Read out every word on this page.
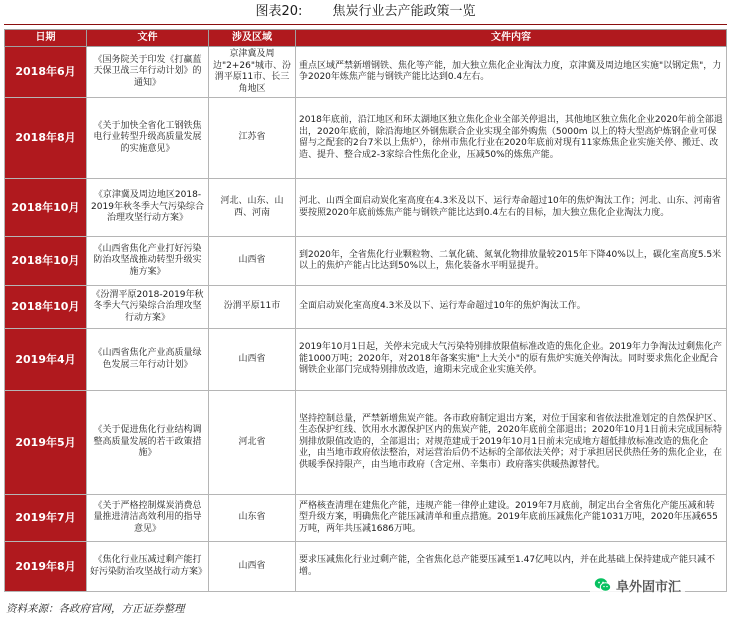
图表20: 焦炭行业去产能政策一览
日期	文件	涉及区域	文件内容
2018年6月	《国务院关于印发《打赢蓝天保卫战三年行动计划》的通知》	京津冀及周边"2+26"城市、汾渭平原11市、长三角地区	重点区域严禁新增钢铁、焦化等产能，加大独立焦化企业淘汰力度，京津冀及周边地区实施"以钢定焦"，力争2020年炼焦产能与钢铁产能比达到0.4左右。
2018年8月	《关于加快全省化工钢铁焦电行业转型升级高质量发展的实施意见》	江苏省	2018年底前，沿江地区和环太湖地区独立焦化企业全部关停退出，其他地区独立焦化企业2020年前全部退出，2020年底前，除沿海地区外钢焦联合企业实现全部外购焦（5000m 以上的特大型高炉炼钢企业可保留与之配套的2台7米以上焦炉），徐州市焦化行业在2020年底前对现有11家炼焦企业实施关停、搬迁、改造、提升、整合成2-3家综合性焦化企业，压减50%的炼焦产能。
2018年10月	《京津冀及周边地区2018-2019年秋冬季大气污染综合治理攻坚行动方案》	河北、山东、山西、河南	河北、山西全面启动炭化室高度在4.3米及以下、运行寿命超过10年的焦炉淘汰工作；河北、山东、河南省要按照2020年底前炼焦产能与钢铁产能比达到0.4左右的目标，加大独立焦化企业淘汰力度。
2018年10月	《山西省焦化产业打好污染防治攻坚战推动转型升级实施方案》	山西省	到2020年，全省焦化行业颗粒物、二氧化硫、氮氧化物排放量较2015年下降40%以上，碳化室高度5.5米以上的焦炉产能占比达到50%以上，焦化装备水平明显提升。
2018年10月	《汾渭平原2018-2019年秋冬季大气污染综合治理攻坚行动方案》	汾渭平原11市	全面启动炭化室高度4.3米及以下、运行寿命超过10年的焦炉淘汰工作。
2019年4月	《山西省焦化产业高质量绿色发展三年行动计划》	山西省	2019年10月1日起，关停未完成大气污染特别排放限值标准改造的焦化企业。2019年力争淘汰过剩焦化产能1000万吨；2020年，对2018年备案实施"上大关小"的原有焦炉实施关停淘汰。同时要求焦化企业配合钢铁企业部门完成特别排放改造，逾期未完成企业实施关停。
2019年5月	《关于促进焦化行业结构调整高质量发展的若干政策措施》	河北省	坚持控制总量，严禁新增焦炭产能。各市政府制定退出方案，对位于国家和省依法批准划定的自然保护区、生态保护红线、饮用水水源保护区内的焦炭产能，2020年底前全部退出；2020年10月1日前未完成国标特别排放限值改造的，全部退出；对规范建成于2019年10月1日前未完成地方超低排放标准改造的焦化企业，由当地市政府依法整治，对运营治后仍不达标的全部依法关停；对于承担居民供热任务的焦化企业，在供暖季保持限产，由当地市政府（含定州、辛集市）政府落实供暖热源替代。
2019年7月	《关于严格控制煤炭消费总量推进清洁高效利用的指导意见》	山东省	严格核查清理在建焦化产能，违规产能一律停止建设。2019年7月底前，制定出台全省焦化产能压减和转型升级方案，明确焦化产能压减清单和重点措施。2019年底前压减焦化产能1031万吨，2020年压减655万吨，两年共压减1686万吨。
2019年8月	《焦化行业压减过剩产能打好污染防治攻坚战行动方案》	山西省	要求压减焦化行业过剩产能，全省焦化总产能要压减至1.47亿吨以内，并在此基础上保持建成产能只减不增。
资料来源：各政府官网，方正证券整理
阜外固市汇
